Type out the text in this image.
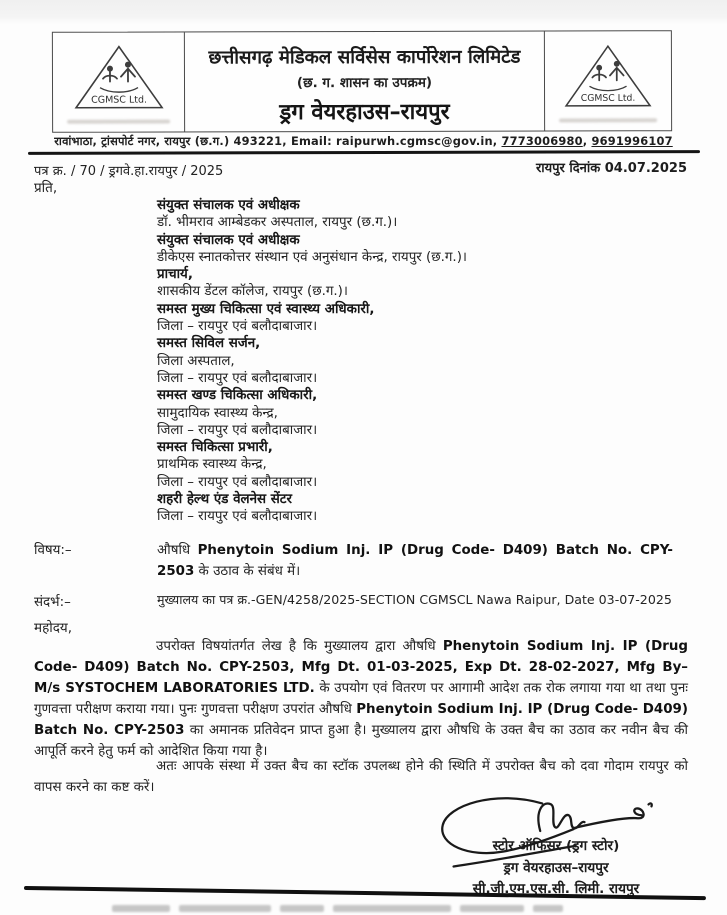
CGMSC Ltd.
छत्तीसगढ़ मेडिकल सर्विसेस कार्पोरेशन लिमिटेड
(छ. ग. शासन का उपक्रम)
ड्रग वेयरहाउस–रायपुर
CGMSC Ltd.
रावांभाठा, ट्रांसपोर्ट नगर, रायपुर (छ.ग.) 493221, Email: raipurwh.cgmsc@gov.in, 7773006980, 9691996107
पत्र क्र. / 70 / ड्रगवे.हा.रायपुर / 2025	रायपुर दिनांक 04.07.2025
प्रति,
संयुक्त संचालक एवं अधीक्षक
डॉ. भीमराव आम्बेडकर अस्पताल, रायपुर (छ.ग.)।
संयुक्त संचालक एवं अधीक्षक
डीकेएस स्नातकोत्तर संस्थान एवं अनुसंधान केन्द्र, रायपुर (छ.ग.)।
प्राचार्य,
शासकीय डेंटल कॉलेज, रायपुर (छ.ग.)।
समस्त मुख्य चिकित्सा एवं स्वास्थ्य अधिकारी,
जिला – रायपुर एवं बलौदाबाजार।
समस्त सिविल सर्जन,
जिला अस्पताल,
जिला – रायपुर एवं बलौदाबाजार।
समस्त खण्ड चिकित्सा अधिकारी,
सामुदायिक स्वास्थ्य केन्द्र,
जिला – रायपुर एवं बलौदाबाजार।
समस्त चिकित्सा प्रभारी,
प्राथमिक स्वास्थ्य केन्द्र,
जिला – रायपुर एवं बलौदाबाजार।
शहरी हेल्थ एंड वेलनेस सेंटर
जिला – रायपुर एवं बलौदाबाजार।
विषय:–	औषधि Phenytoin Sodium Inj. IP (Drug Code- D409) Batch No. CPY-2503 के उठाव के संबंध में।
संदर्भ:–	मुख्यालय का पत्र क्र.-GEN/4258/2025-SECTION CGMSCL Nawa Raipur, Date 03-07-2025
महोदय,
उपरोक्त विषयांतर्गत लेख है कि मुख्यालय द्वारा औषधि Phenytoin Sodium Inj. IP (Drug Code- D409) Batch No. CPY-2503, Mfg Dt. 01-03-2025, Exp Dt. 28-02-2027, Mfg By– M/s SYSTOCHEM LABORATORIES LTD. के उपयोग एवं वितरण पर आगामी आदेश तक रोक लगाया गया था तथा पुनः गुणवत्ता परीक्षण कराया गया। पुनः गुणवत्ता परीक्षण उपरांत औषधि Phenytoin Sodium Inj. IP (Drug Code- D409) Batch No. CPY-2503 का अमानक प्रतिवेदन प्राप्त हुआ है। मुख्यालय द्वारा औषधि के उक्त बैच का उठाव कर नवीन बैच की आपूर्ति करने हेतु फर्म को आदेशित किया गया है।
अतः आपके संस्था में उक्त बैच का स्टॉक उपलब्ध होने की स्थिति में उपरोक्त बैच को दवा गोदाम रायपुर को वापस करने का कष्ट करें।
स्टोर ऑफिसर (ड्रग स्टोर)
ड्रग वेयरहाउस–रायपुर
सी.जी.एम.एस.सी. लिमी. रायपुर
